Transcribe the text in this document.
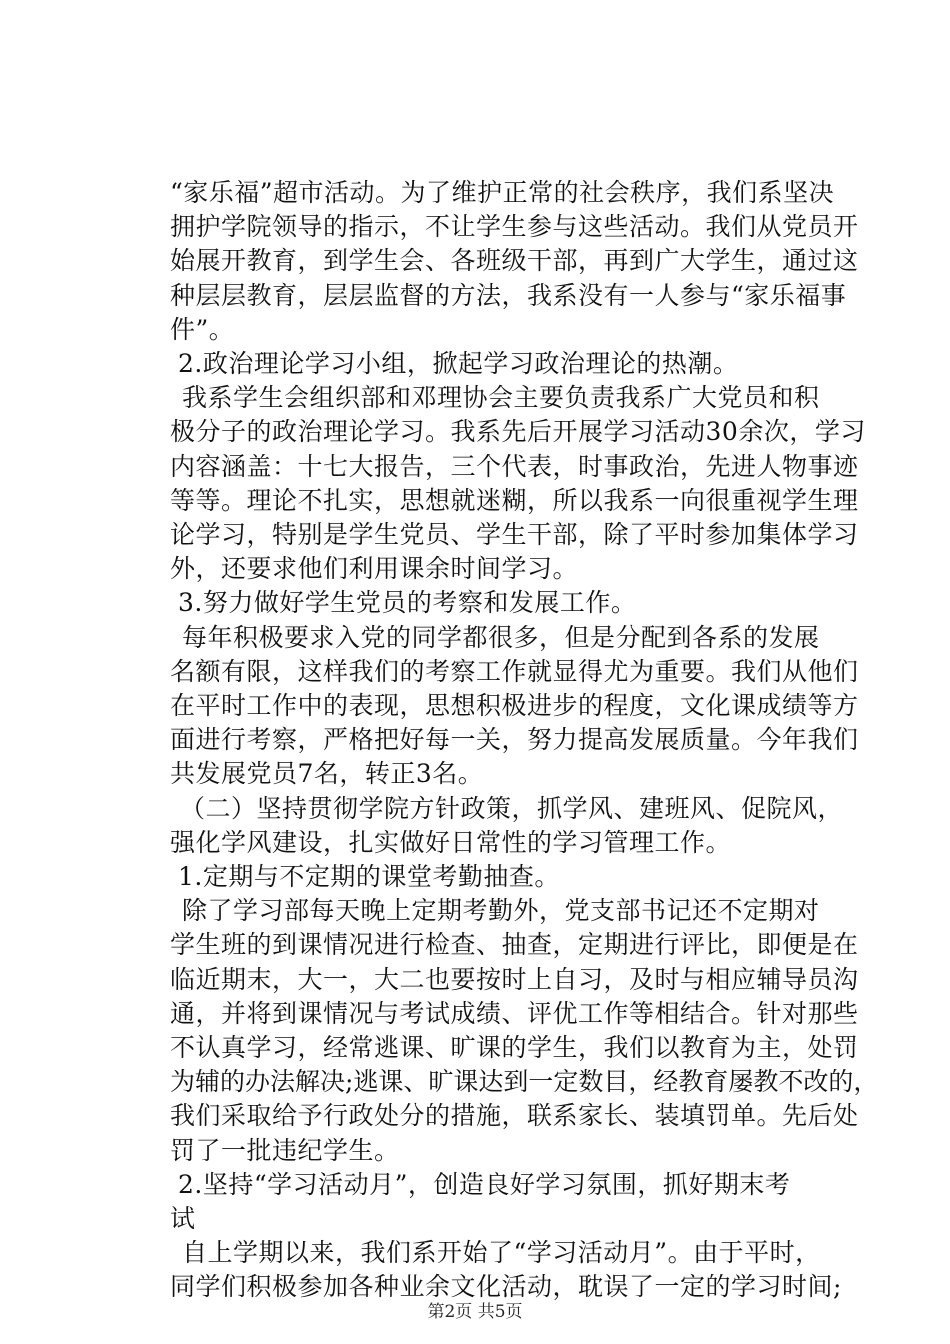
“家乐福”超市活动。为了维护正常的社会秩序，我们系坚决
拥护学院领导的指示，不让学生参与这些活动。我们从党员开
始展开教育，到学生会、各班级干部，再到广大学生，通过这
种层层教育，层层监督的方法，我系没有一人参与“家乐福事
件”。
2.政治理论学习小组，掀起学习政治理论的热潮。
我系学生会组织部和邓理协会主要负责我系广大党员和积
极分子的政治理论学习。我系先后开展学习活动30余次，学习
内容涵盖：十七大报告，三个代表，时事政治，先进人物事迹
等等。理论不扎实，思想就迷糊，所以我系一向很重视学生理
论学习，特别是学生党员、学生干部，除了平时参加集体学习
外，还要求他们利用课余时间学习。
3.努力做好学生党员的考察和发展工作。
每年积极要求入党的同学都很多，但是分配到各系的发展
名额有限，这样我们的考察工作就显得尤为重要。我们从他们
在平时工作中的表现，思想积极进步的程度，文化课成绩等方
面进行考察，严格把好每一关，努力提高发展质量。今年我们
共发展党员7名，转正3名。
（二）坚持贯彻学院方针政策，抓学风、建班风、促院风，
强化学风建设，扎实做好日常性的学习管理工作。
1.定期与不定期的课堂考勤抽查。
除了学习部每天晚上定期考勤外，党支部书记还不定期对
学生班的到课情况进行检查、抽查，定期进行评比，即便是在
临近期末，大一，大二也要按时上自习，及时与相应辅导员沟
通，并将到课情况与考试成绩、评优工作等相结合。针对那些
不认真学习，经常逃课、旷课的学生，我们以教育为主，处罚
为辅的办法解决;逃课、旷课达到一定数目，经教育屡教不改的，
我们采取给予行政处分的措施，联系家长、装填罚单。先后处
罚了一批违纪学生。
2.坚持“学习活动月”，创造良好学习氛围，抓好期末考
试
自上学期以来，我们系开始了“学习活动月”。由于平时，
同学们积极参加各种业余文化活动，耽误了一定的学习时间;
第2页 共5页
